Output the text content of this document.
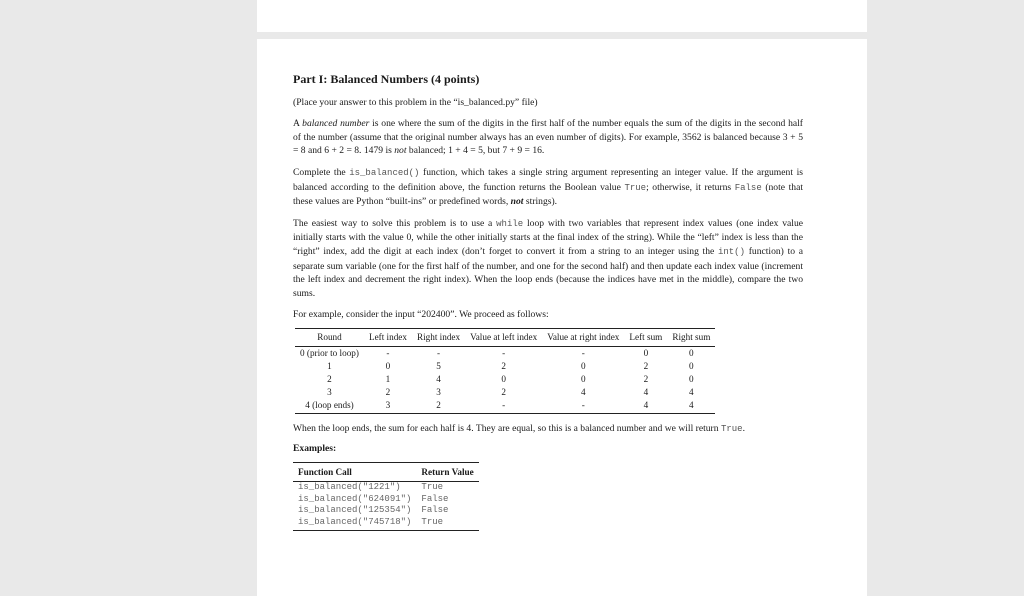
Part I: Balanced Numbers (4 points)

(Place your answer to this problem in the “is_balanced.py” file)

A balanced number is one where the sum of the digits in the first half of the number equals the sum of the digits in the second half of the number (assume that the original number always has an even number of digits). For example, 3562 is balanced because 3 + 5 = 8 and 6 + 2 = 8. 1479 is not balanced; 1 + 4 = 5, but 7 + 9 = 16.

Complete the is_balanced() function, which takes a single string argument representing an integer value. If the argument is balanced according to the definition above, the function returns the Boolean value True; otherwise, it returns False (note that these values are Python “built-ins” or predefined words, not strings).

The easiest way to solve this problem is to use a while loop with two variables that represent index values (one index value initially starts with the value 0, while the other initially starts at the final index of the string). While the “left” index is less than the “right” index, add the digit at each index (don’t forget to convert it from a string to an integer using the int() function) to a separate sum variable (one for the first half of the number, and one for the second half) and then update each index value (increment the left index and decrement the right index). When the loop ends (because the indices have met in the middle), compare the two sums.

For example, consider the input “202400”. We proceed as follows:

Round	Left index	Right index	Value at left index	Value at right index	Left sum	Right sum
0 (prior to loop)	-	-	-	-	0	0
1	0	5	2	0	2	0
2	1	4	0	0	2	0
3	2	3	2	4	4	4
4 (loop ends)	3	2	-	-	4	4

When the loop ends, the sum for each half is 4. They are equal, so this is a balanced number and we will return True.

Examples:
Function Call	Return Value
is_balanced("1221")	True
is_balanced("624091")	False
is_balanced("125354")	False
is_balanced("745718")	True
